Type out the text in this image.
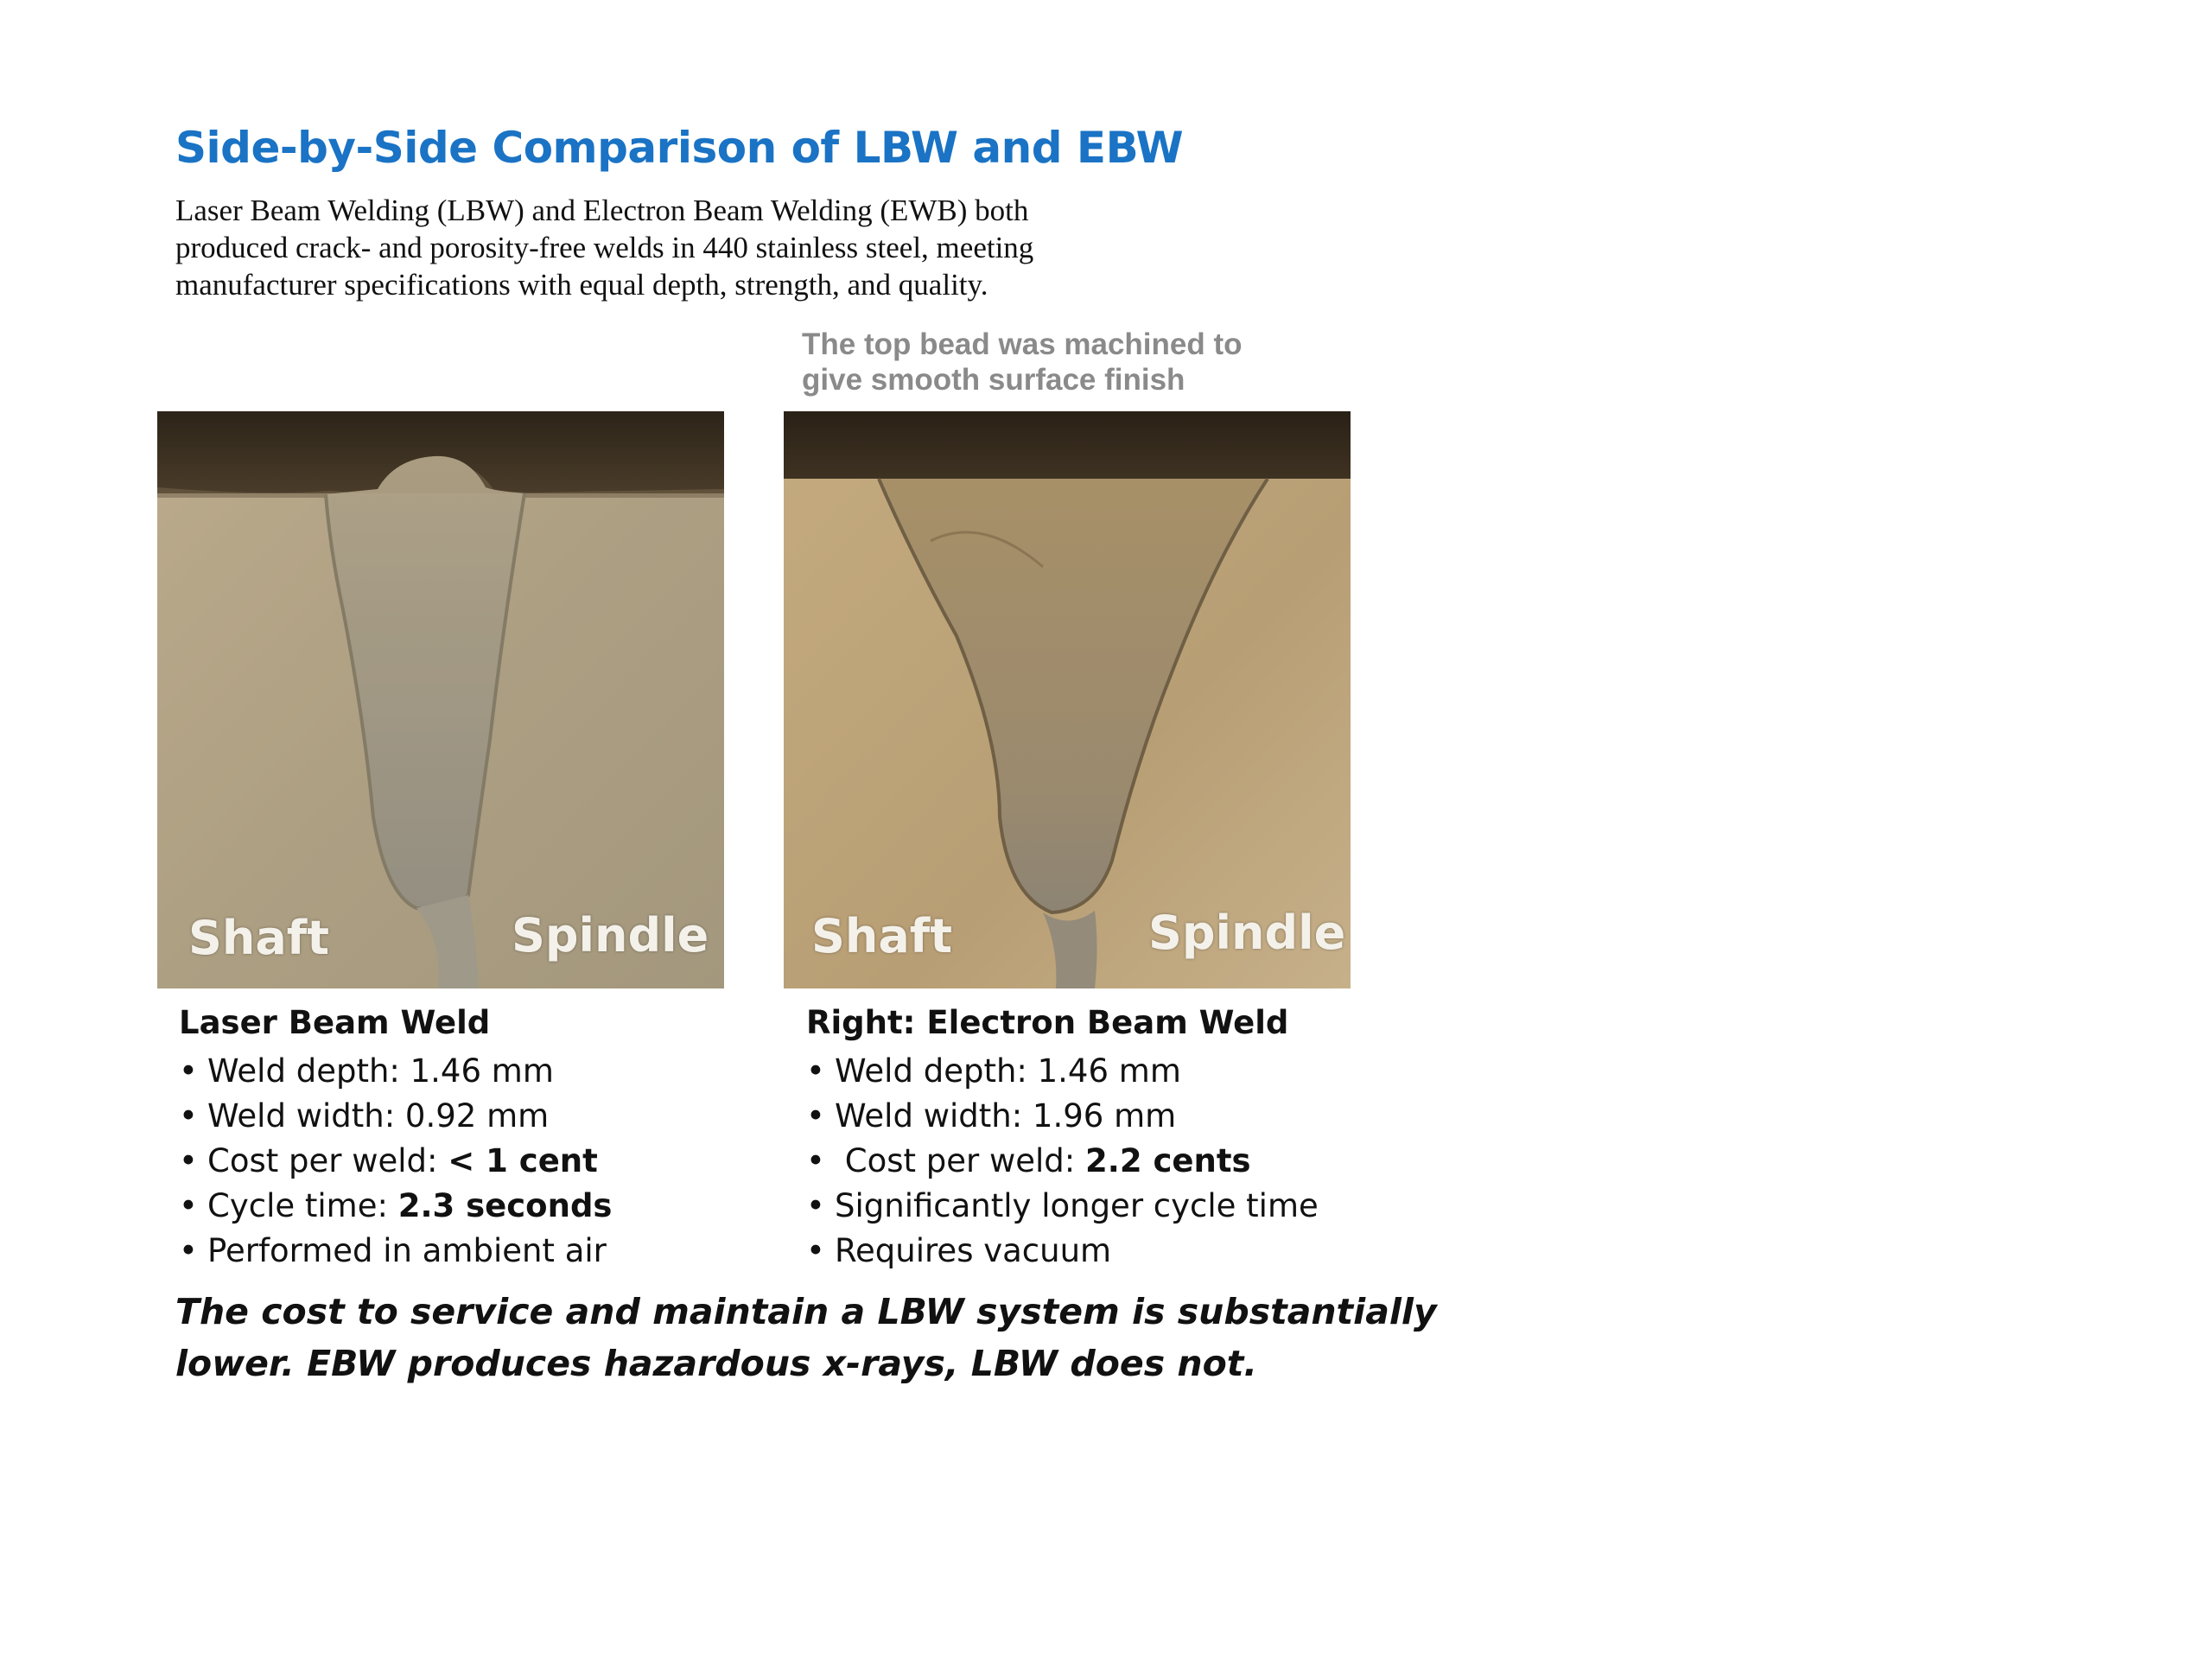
Side-by-Side Comparison of LBW and EBW
Laser Beam Welding (LBW) and Electron Beam Welding (EWB) both
produced crack- and porosity-free welds in 440 stainless steel, meeting
manufacturer specifications with equal depth, strength, and quality.
The top bead was machined to
give smooth surface finish
Shaft	Spindle Shaft	Spindle
Laser Beam Weld
• Weld depth: 1.46 mm
• Weld width: 0.92 mm
• Cost per weld: < 1 cent
• Cycle time: 2.3 seconds
• Performed in ambient air
Right: Electron Beam Weld
• Weld depth: 1.46 mm
• Weld width: 1.96 mm
• Cost per weld: 2.2 cents
• Significantly longer cycle time
• Requires vacuum
The cost to service and maintain a LBW system is substantially
lower. EBW produces hazardous x-rays, LBW does not.
